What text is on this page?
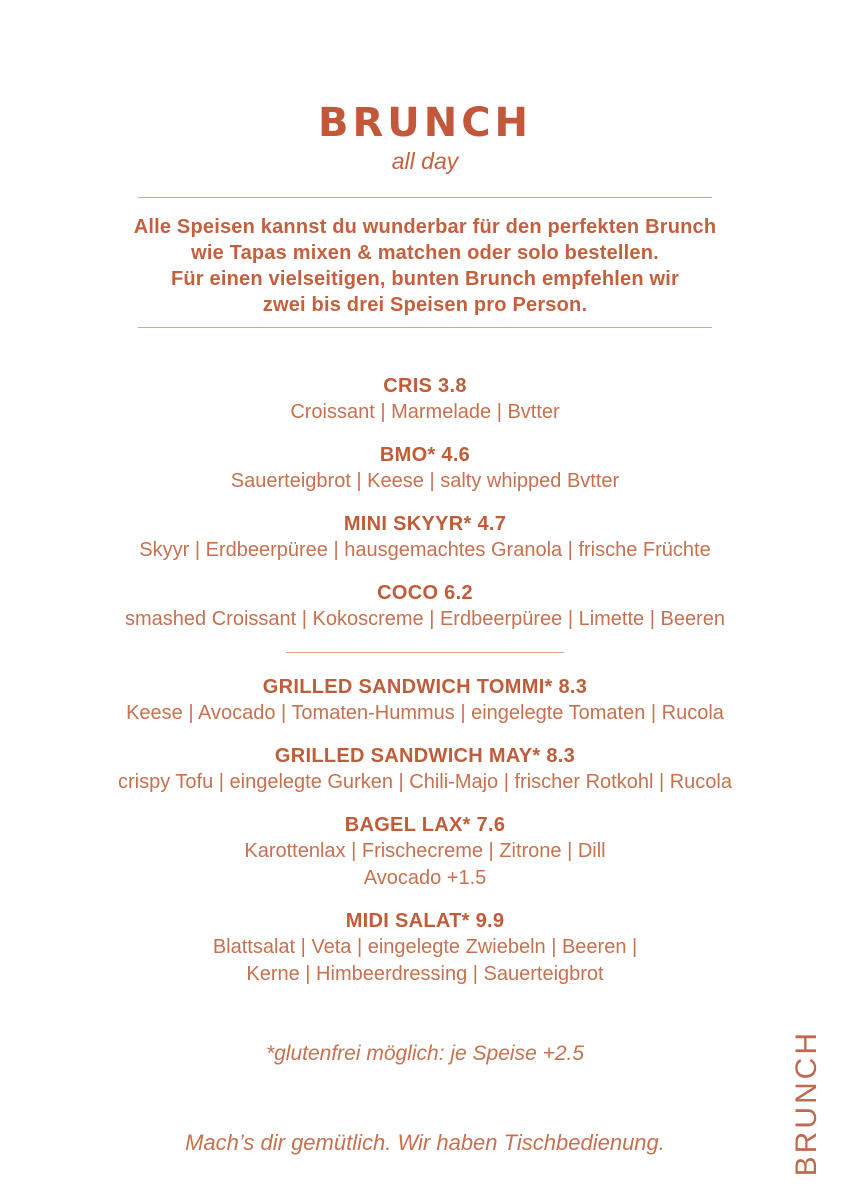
BRUNCH
all day
Alle Speisen kannst du wunderbar für den perfekten Brunch
wie Tapas mixen & matchen oder solo bestellen.
Für einen vielseitigen, bunten Brunch empfehlen wir
zwei bis drei Speisen pro Person.
CRIS 3.8
Croissant | Marmelade | Bvtter
BMO* 4.6
Sauerteigbrot | Keese | salty whipped Bvtter
MINI SKYYR* 4.7
Skyyr | Erdbeerpüree | hausgemachtes Granola | frische Früchte
COCO 6.2
smashed Croissant | Kokoscreme | Erdbeerpüree | Limette | Beeren
GRILLED SANDWICH TOMMI* 8.3
Keese | Avocado | Tomaten-Hummus | eingelegte Tomaten | Rucola
GRILLED SANDWICH MAY* 8.3
crispy Tofu | eingelegte Gurken | Chili-Majo | frischer Rotkohl | Rucola
BAGEL LAX* 7.6
Karottenlax | Frischecreme | Zitrone | Dill
Avocado +1.5
MIDI SALAT* 9.9
Blattsalat | Veta | eingelegte Zwiebeln | Beeren |
Kerne | Himbeerdressing | Sauerteigbrot
*glutenfrei möglich: je Speise +2.5
Mach’s dir gemütlich. Wir haben Tischbedienung.	BRUNCH
